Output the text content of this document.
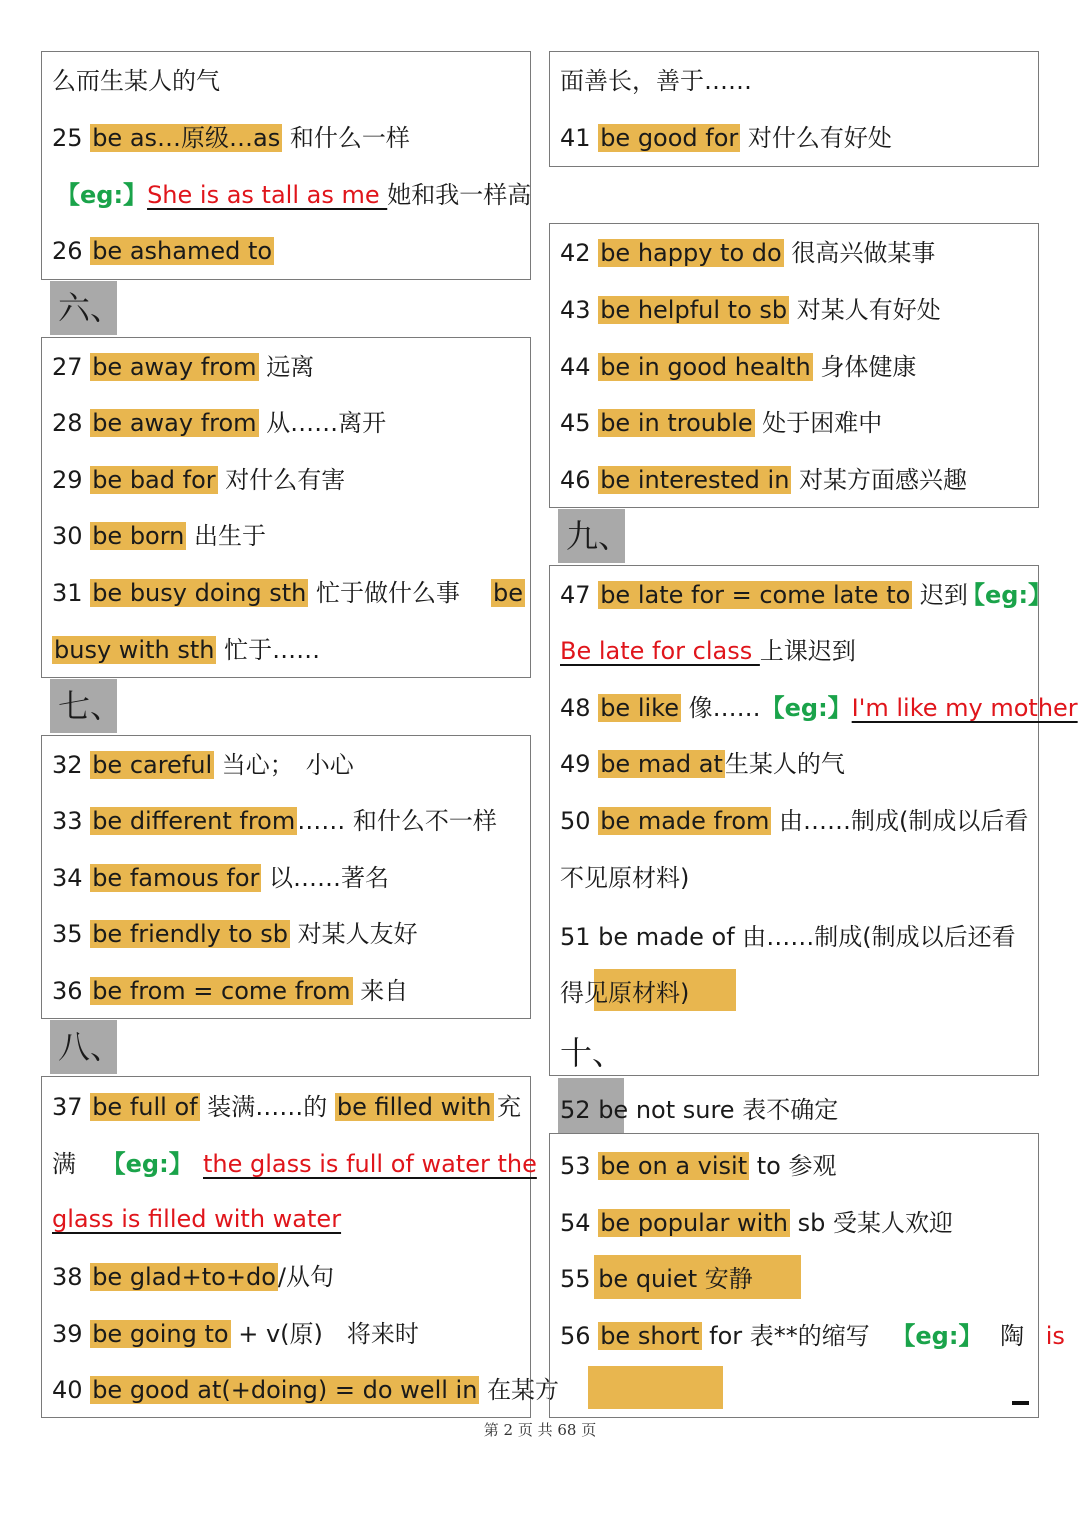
么而生某人的气
25 be as…原级…as 和什么一样
【eg:】She is as tall as me 她和我一样高
26 be ashamed to
六、
27 be away from 远离
28 be away from 从……离开
29 be bad for 对什么有害
30 be born 出生于
31 be busy doing sth 忙于做什么事 be
busy with sth 忙于……
七、
32 be careful 当心；　小心
33 be different from…… 和什么不一样
34 be famous for 以……著名
35 be friendly to sb 对某人友好
36 be from = come from 来自
八、
37 be full of 装满……的 be filled with 充
满 【eg:】 the glass is full of water the
glass is filled with water
38 be glad+to+do/从句
39 be going to + v(原)　将来时
40 be good at(+doing) = do well in 在某方
面善长，善于……
41 be good for 对什么有好处
42 be happy to do 很高兴做某事
43 be helpful to sb 对某人有好处
44 be in good health 身体健康
45 be in trouble 处于困难中
46 be interested in 对某方面感兴趣
九、
47 be late for = come late to 迟到
【eg:】
Be late for class 上课迟到
48 be like 像……【eg:】I'm like my mother
49 be mad at生某人的气
50 be made from 由……制成(制成以后看
不见原材料)
51 be made of 由……制成(制成以后还看
得见原材料)
十、
52 be not sure 表不确定
53 be on a visit to 参观
54 be popular with sb 受某人欢迎
55 be quiet 安静
56 be short for 表**的缩写 【eg:】 陶 is
第 2 页 共 68 页
